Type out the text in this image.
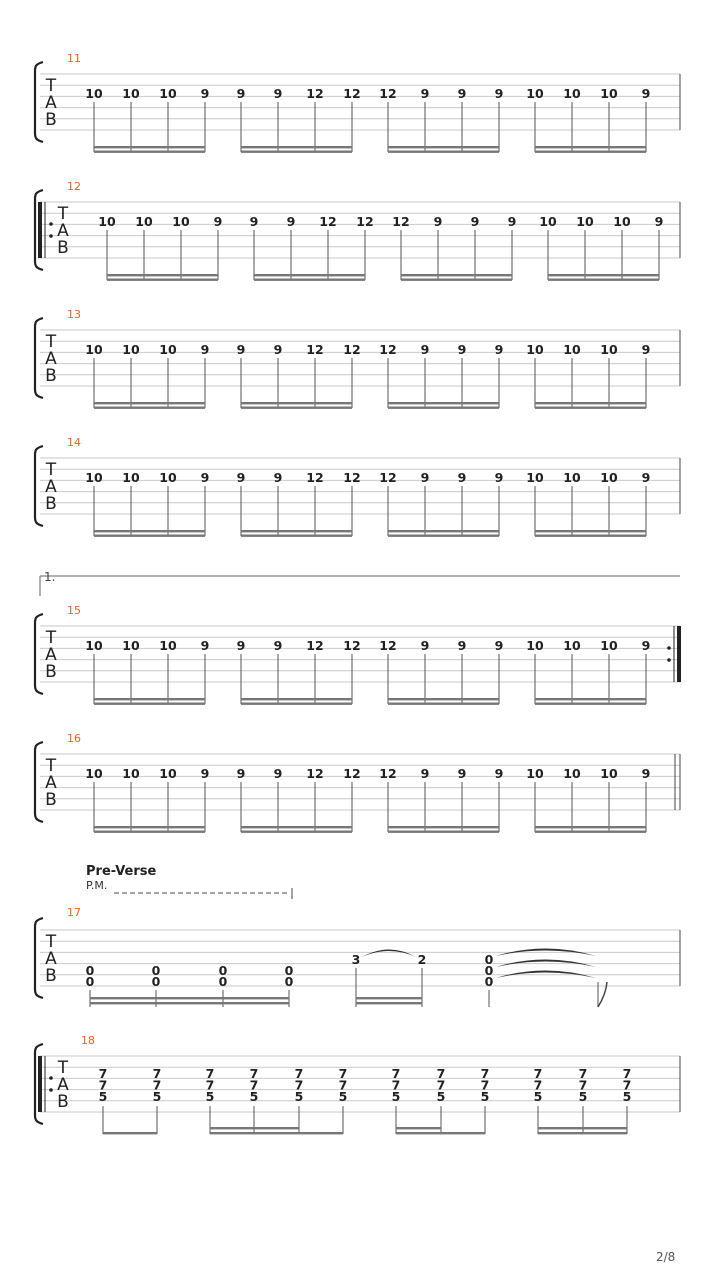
11
T
A
B
10 10 10 9 9 9 12 12 12 9 9 9 10 10 10 9
12
T
A
B
10 10 10 9 9 9 12 12 12 9 9 9 10 10 10 9
13
T
A
B
10 10 10 9 9 9 12 12 12 9 9 9 10 10 10 9
14
T
A
B
10 10 10 9 9 9 12 12 12 9 9 9 10 10 10 9
15
T
A
B
10 10 10 9 9 9 12 12 12 9 9 9 10 10 10 9
16
T
A
B
10 10 10 9 9 9 12 12 12 9 9 9 10 10 10 9
1.
Pre-Verse
P.M.
17
T
A
B 0
0
0
0
0
0
0
0
3	2	0
0
0
18
T
A
B
7
7
5
7
7
5
7
7
5
7
7
5
7
7
5
7
7
5
7
7
5
7
7
5
7
7
5
7
7
5
7
7
5
7
7
5
2/8
